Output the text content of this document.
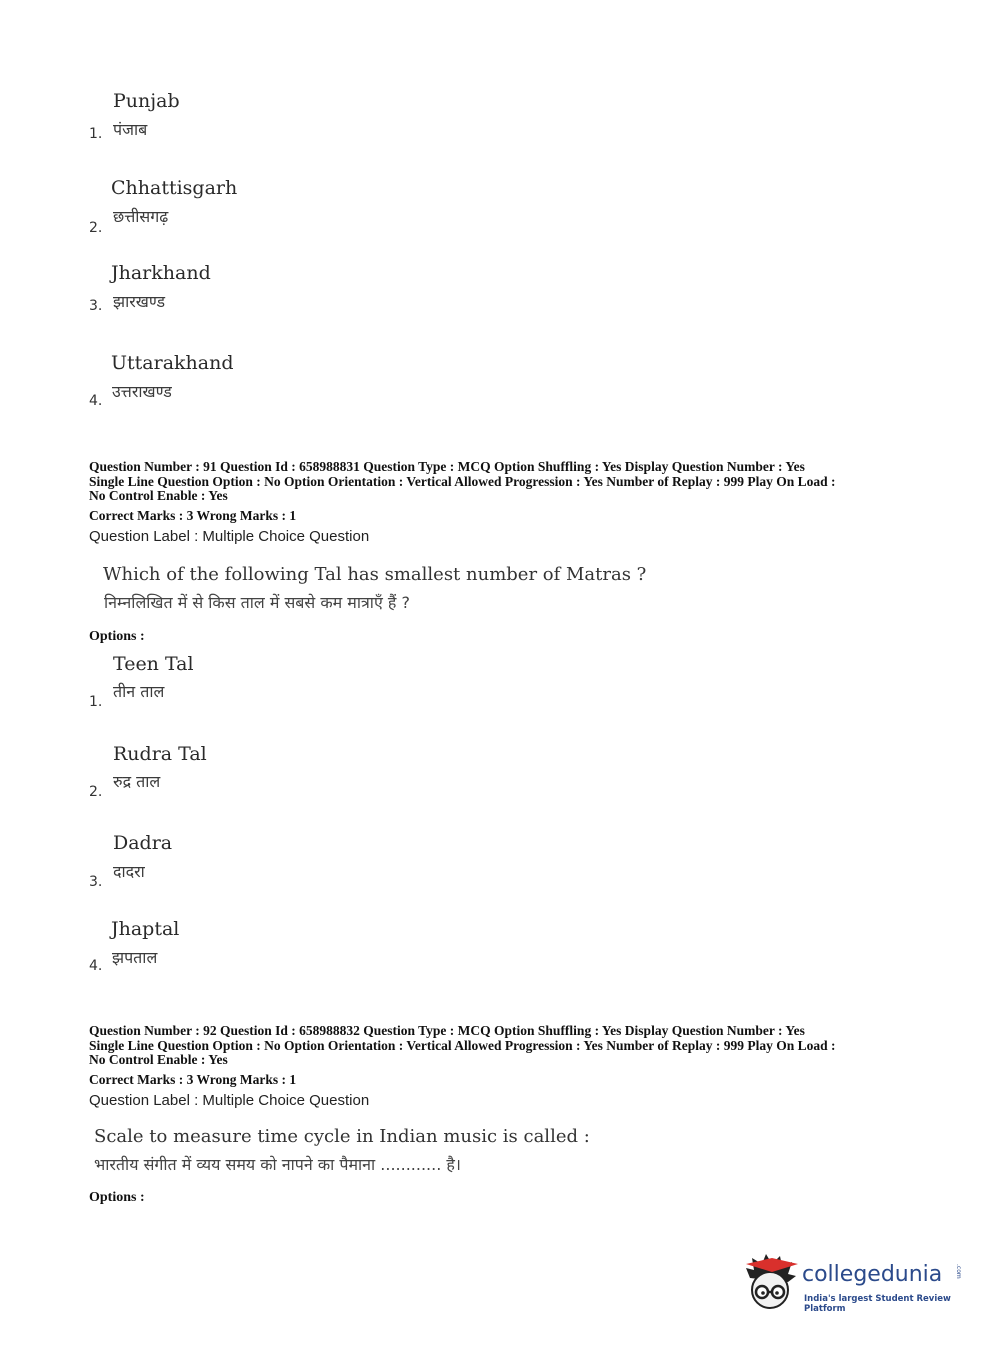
Punjab
पंजाब
1.
Chhattisgarh
छत्तीसगढ़
2.
Jharkhand
झारखण्ड
3.
Uttarakhand
उत्तराखण्ड
4.
Question Number : 91 Question Id : 658988831 Question Type : MCQ Option Shuffling : Yes Display Question Number : Yes
Single Line Question Option : No Option Orientation : Vertical Allowed Progression : Yes Number of Replay : 999 Play On Load :
No Control Enable : Yes
Correct Marks : 3 Wrong Marks : 1
Question Label : Multiple Choice Question
Which of the following Tal has smallest number of Matras ?
निम्नलिखित में से किस ताल में सबसे कम मात्राएँ हैं ?
Options :
Teen Tal
तीन ताल
1.
Rudra Tal
रुद्र ताल
2.
Dadra
दादरा
3.
Jhaptal
झपताल
4.
Question Number : 92 Question Id : 658988832 Question Type : MCQ Option Shuffling : Yes Display Question Number : Yes
Single Line Question Option : No Option Orientation : Vertical Allowed Progression : Yes Number of Replay : 999 Play On Load :
No Control Enable : Yes
Correct Marks : 3 Wrong Marks : 1
Question Label : Multiple Choice Question
Scale to measure time cycle in Indian music is called :
भारतीय संगीत में व्यय समय को नापने का पैमाना ............ है।
Options :
collegedunia .com
India's largest Student Review Platform
